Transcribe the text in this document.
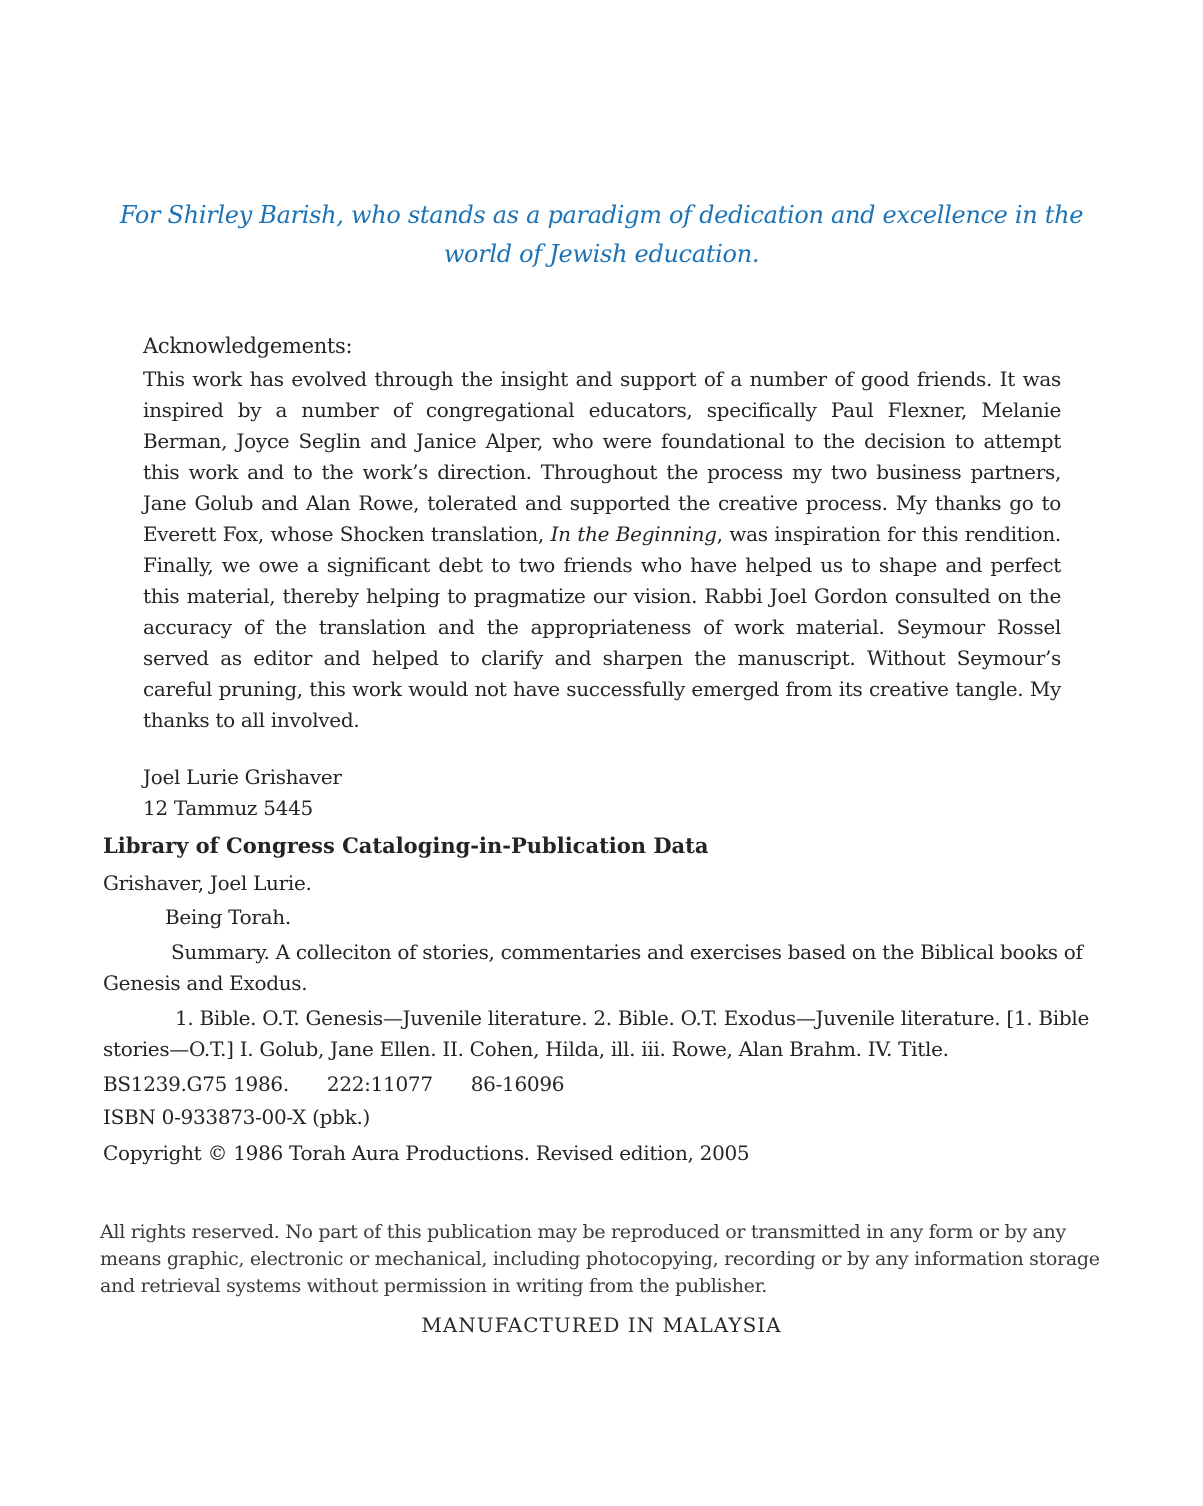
For Shirley Barish, who stands as a paradigm of dedication and excellence in the
world of Jewish education.
Acknowledgements:

This work has evolved through the insight and support of a number of good friends. It was inspired by a number of congregational educators, specifically Paul Flexner, Melanie Berman, Joyce Seglin and Janice Alper, who were foundational to the decision to attempt this work and to the work’s direction. Throughout the process my two business partners, Jane Golub and Alan Rowe, tolerated and supported the creative process. My thanks go to Everett Fox, whose Shocken translation, In the Beginning, was inspiration for this rendition. Finally, we owe a significant debt to two friends who have helped us to shape and perfect this material, thereby helping to pragmatize our vision. Rabbi Joel Gordon consulted on the accuracy of the translation and the appropriateness of work material. Seymour Rossel served as editor and helped to clarify and sharpen the manuscript. Without Seymour’s careful pruning, this work would not have successfully emerged from its creative tangle. My thanks to all involved.

Joel Lurie Grishaver
12 Tammuz 5445
Library of Congress Cataloging-in-Publication Data

Grishaver, Joel Lurie.

Being Torah.

Summary. A colleciton of stories, commentaries and exercises based on the Biblical books of Genesis and Exodus.

1. Bible. O.T. Genesis—Juvenile literature. 2. Bible. O.T. Exodus—Juvenile literature. [1. Bible stories—O.T.] I. Golub, Jane Ellen. II. Cohen, Hilda, ill. iii. Rowe, Alan Brahm. IV. Title.

BS1239.G75 1986. 222:11077 86-16096

ISBN 0-933873-00-X (pbk.)

Copyright © 1986 Torah Aura Productions. Revised edition, 2005

All rights reserved. No part of this publication may be reproduced or transmitted in any form or by any means graphic, electronic or mechanical, including photocopying, recording or by any information storage and retrieval systems without permission in writing from the publisher.

MANUFACTURED IN MALAYSIA
